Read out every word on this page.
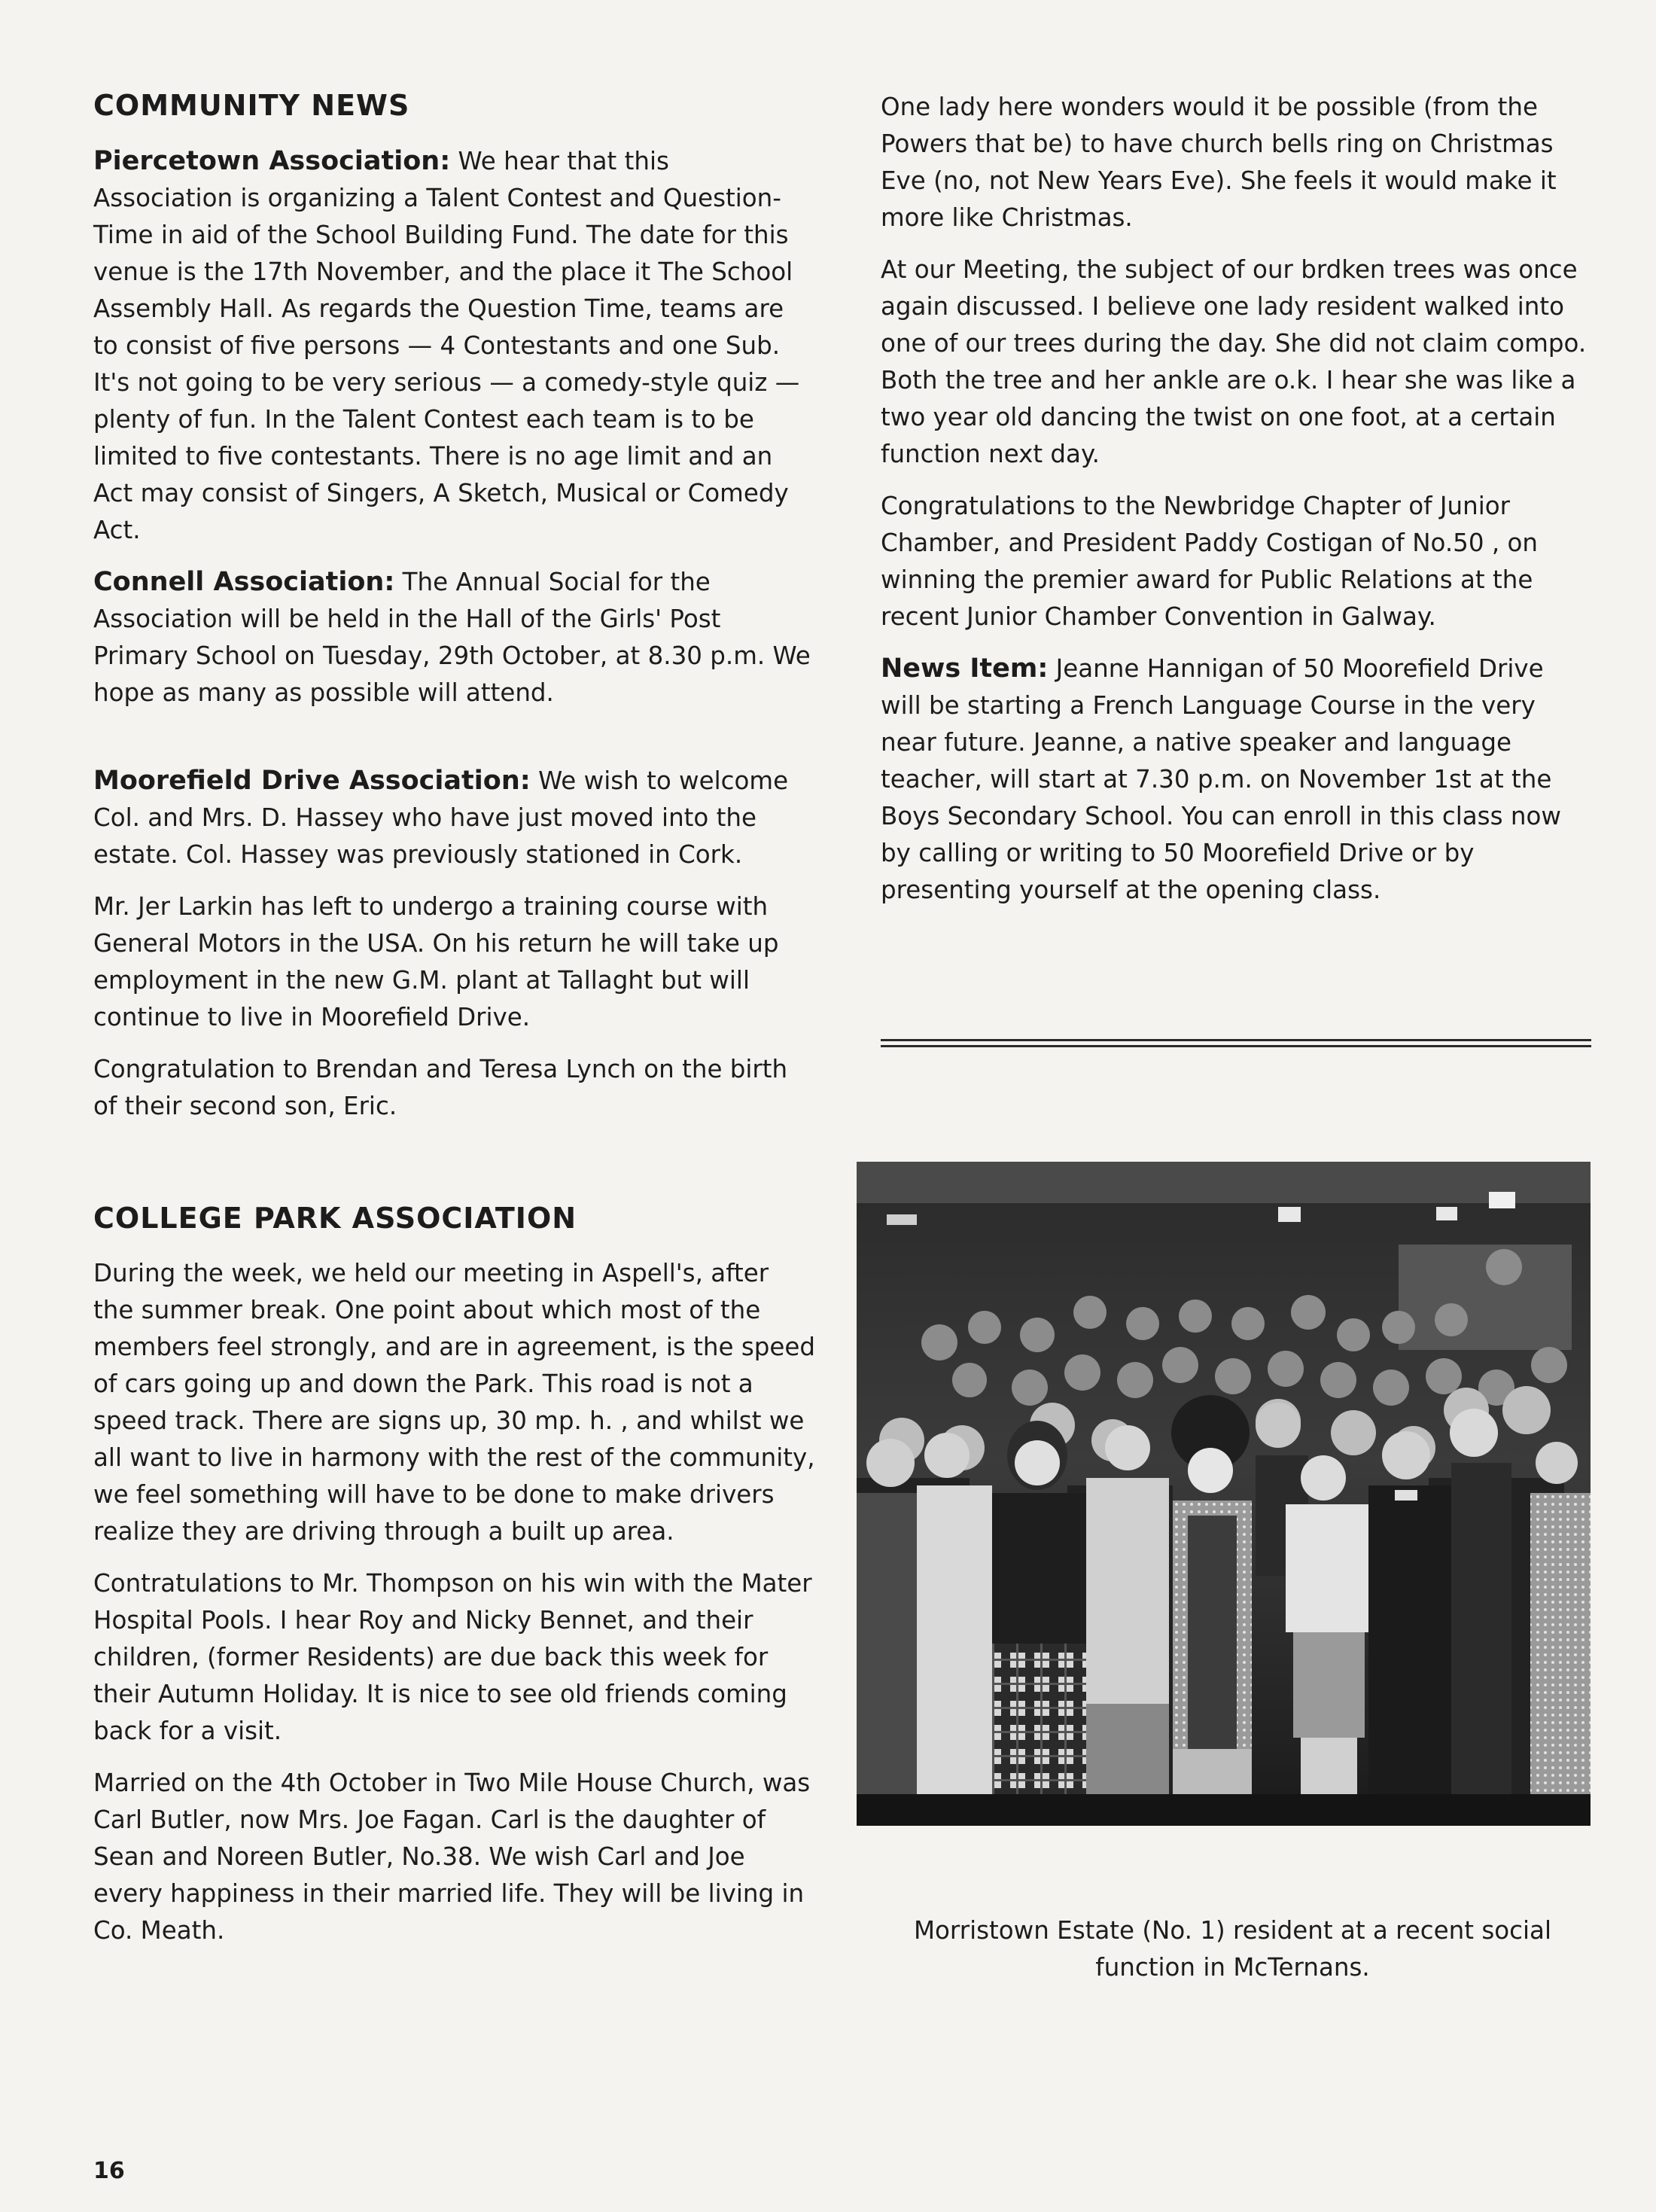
COMMUNITY NEWS

Piercetown Association: We hear that this Association is organizing a Talent Contest and Question-Time in aid of the School Building Fund. The date for this venue is the 17th November, and the place it The School Assembly Hall. As regards the Question Time, teams are to consist of five persons — 4 Contestants and one Sub. It's not going to be very serious — a comedy-style quiz — plenty of fun. In the Talent Contest each team is to be limited to five contestants. There is no age limit and an Act may consist of Singers, A Sketch, Musical or Comedy Act.

Connell Association: The Annual Social for the Association will be held in the Hall of the Girls' Post Primary School on Tuesday, 29th October, at 8.30 p.m. We hope as many as possible will attend.

Moorefield Drive Association: We wish to welcome Col. and Mrs. D. Hassey who have just moved into the estate. Col. Hassey was previously stationed in Cork.

Mr. Jer Larkin has left to undergo a training course with General Motors in the USA. On his return he will take up employment in the new G.M. plant at Tallaght but will continue to live in Moorefield Drive.

Congratulation to Brendan and Teresa Lynch on the birth of their second son, Eric.

COLLEGE PARK ASSOCIATION

During the week, we held our meeting in Aspell's, after the summer break. One point about which most of the members feel strongly, and are in agreement, is the speed of cars going up and down the Park. This road is not a speed track. There are signs up, 30 mp. h. , and whilst we all want to live in harmony with the rest of the community, we feel something will have to be done to make drivers realize they are driving through a built up area.

Contratulations to Mr. Thompson on his win with the Mater Hospital Pools. I hear Roy and Nicky Bennet, and their children, (former Residents) are due back this week for their Autumn Holiday. It is nice to see old friends coming back for a visit.

Married on the 4th October in Two Mile House Church, was Carl Butler, now Mrs. Joe Fagan. Carl is the daughter of Sean and Noreen Butler, No.38. We wish Carl and Joe every happiness in their married life. They will be living in Co. Meath.

One lady here wonders would it be possible (from the Powers that be) to have church bells ring on Christmas Eve (no, not New Years Eve). She feels it would make it more like Christmas.

At our Meeting, the subject of our brdken trees was once again discussed. I believe one lady resident walked into one of our trees during the day. She did not claim compo. Both the tree and her ankle are o.k. I hear she was like a two year old dancing the twist on one foot, at a certain function next day.

Congratulations to the Newbridge Chapter of Junior Chamber, and President Paddy Costigan of No.50 , on winning the premier award for Public Relations at the recent Junior Chamber Convention in Galway.

News Item: Jeanne Hannigan of 50 Moorefield Drive will be starting a French Language Course in the very near future. Jeanne, a native speaker and language teacher, will start at 7.30 p.m. on November 1st at the Boys Secondary School. You can enroll in this class now by calling or writing to 50 Moorefield Drive or by presenting yourself at the opening class.

Morristown Estate (No. 1) resident at a recent social function in McTernans.
16
